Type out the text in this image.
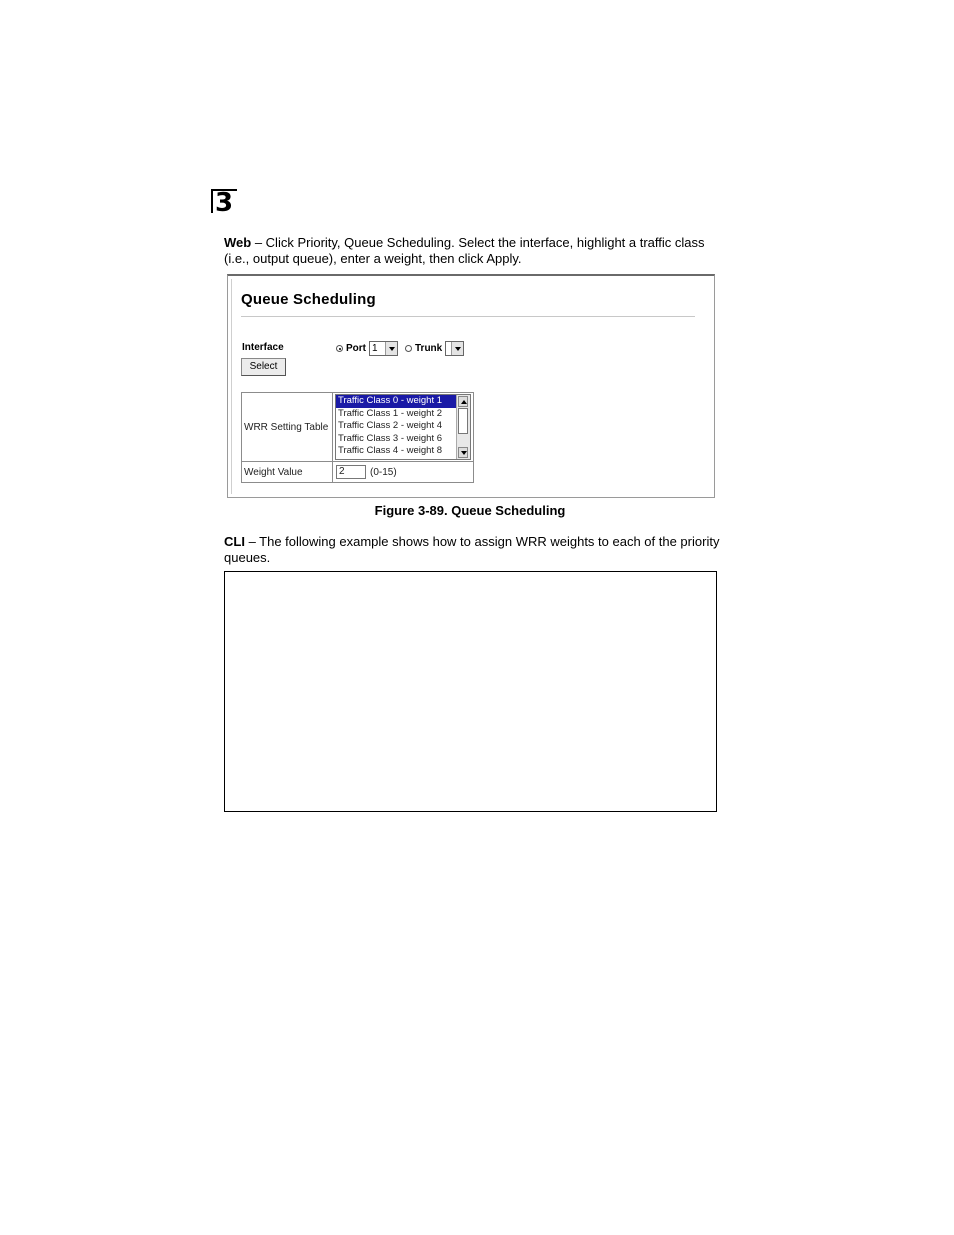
3
Web – Click Priority, Queue Scheduling. Select the interface, highlight a traffic class (i.e., output queue), enter a weight, then click Apply.
Queue Scheduling
Interface	Port 1	Trunk
Select
WRR Setting Table	Traffic Class 0 - weight 1
Traffic Class 1 - weight 2
Traffic Class 2 - weight 4
Traffic Class 3 - weight 6
Traffic Class 4 - weight 8

Weight Value	2 (0-15)
Figure 3-89. Queue Scheduling
CLI – The following example shows how to assign WRR weights to each of the priority queues.
